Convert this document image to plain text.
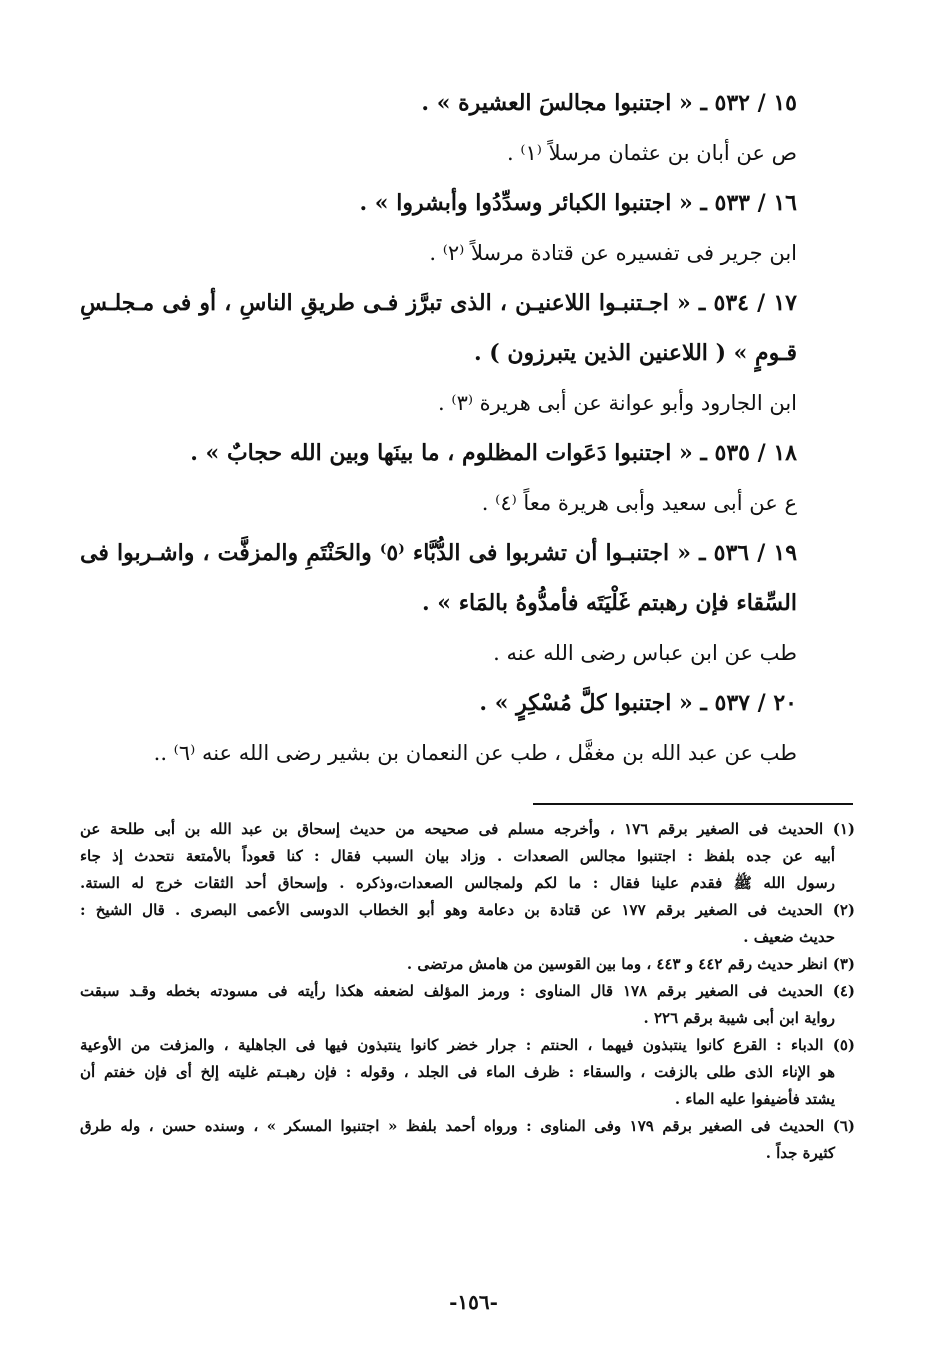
١٥ / ٥٣٢ ـ « اجتنبوا مجالسَ العشيرة » .
ص عن أبان بن عثمان مرسلاً ⁽١⁾ .
١٦ / ٥٣٣ ـ « اجتنبوا الكبائر وسدِّدُوا وأبشروا » .
ابن جرير فى تفسيره عن قتادة مرسلاً ⁽٢⁾ .
١٧ / ٥٣٤ ـ « اجـتنبـوا اللاعنيـن ، الذى تبرَّز فـى طريقِ الناسِ ، أو فى مـجلـسِ
قـومٍ » ( اللاعنين الذين يتبرزون ) .
ابن الجارود وأبو عوانة عن أبى هريرة ⁽٣⁾ .
١٨ / ٥٣٥ ـ « اجتنبوا دَعَوات المظلوم ، ما بينَها وبين الله حجابٌ » .
ع عن أبى سعيد وأبى هريرة معاً ⁽٤⁾ .
١٩ / ٥٣٦ ـ « اجتنبـوا أن تشربوا فى الدُّبَّاء ⁽٥⁾ والحَنْتَمِ والمزفَّت ، واشـربوا فى
السِّقاء فإن رهبتم غَلْيَتَه فأمدُّوهُ بالمَاء » .
طب عن ابن عباس رضى الله عنه .
٢٠ / ٥٣٧ ـ « اجتنبوا كلَّ مُسْكِرٍ » .
طب عن عبد الله بن مغفَّل ، طب عن النعمان بن بشير رضى الله عنه ⁽٦⁾ ..
(١) الحديث فى الصغير برقم ١٧٦ ، وأخرجه مسلم فى صحيحه من حديث إسحاق بن عبد الله بن أبى طلحة عن
أبيه عن جده بلفظ : اجتنبوا مجالس الصعدات . وزاد بيان السبب فقال : كنا قعوداً بالأمتعة نتحدث إذ جاء
رسول الله ﷺ فقدم علينا فقال : ما لكم ولمجالس الصعدات،وذكره . وإسحاق أحد الثقات خرج له الستة.
(٢) الحديث فى الصغير برقم ١٧٧ عن قتادة بن دعامة وهو أبو الخطاب الدوسى الأعمى البصرى . قال الشيخ :
حديث ضعيف .
(٣) انظر حديث رقم ٤٤٢ و ٤٤٣ ، وما بين القوسين من هامش مرتضى .
(٤) الحديث فى الصغير برقم ١٧٨ قال المناوى : ورمز المؤلف لضعفه هكذا رأيته فى مسودته بخطه وقـد سبقت
رواية ابن أبى شيبة برقم ٢٢٦ .
(٥) الدباء : القرع كانوا ينتبذون فيهما ، الحنتم : جرار خضر كانوا ينتبذون فيها فى الجاهلية ، والمزفت من الأوعية
هو الإناء الذى طلى بالزفت ، والسقاء : ظرف الماء فى الجلد ، وقوله : فإن رهبـتم غليته إلخ أى فإن خفتم أن
يشتد فأضيفوا عليه الماء .
(٦) الحديث فى الصغير برقم ١٧٩ وفى المناوى : ورواه أحمد بلفظ « اجتنبوا المسكر » ، وسنده حسن ، وله طرق
كثيرة جداً .
-١٥٦-
